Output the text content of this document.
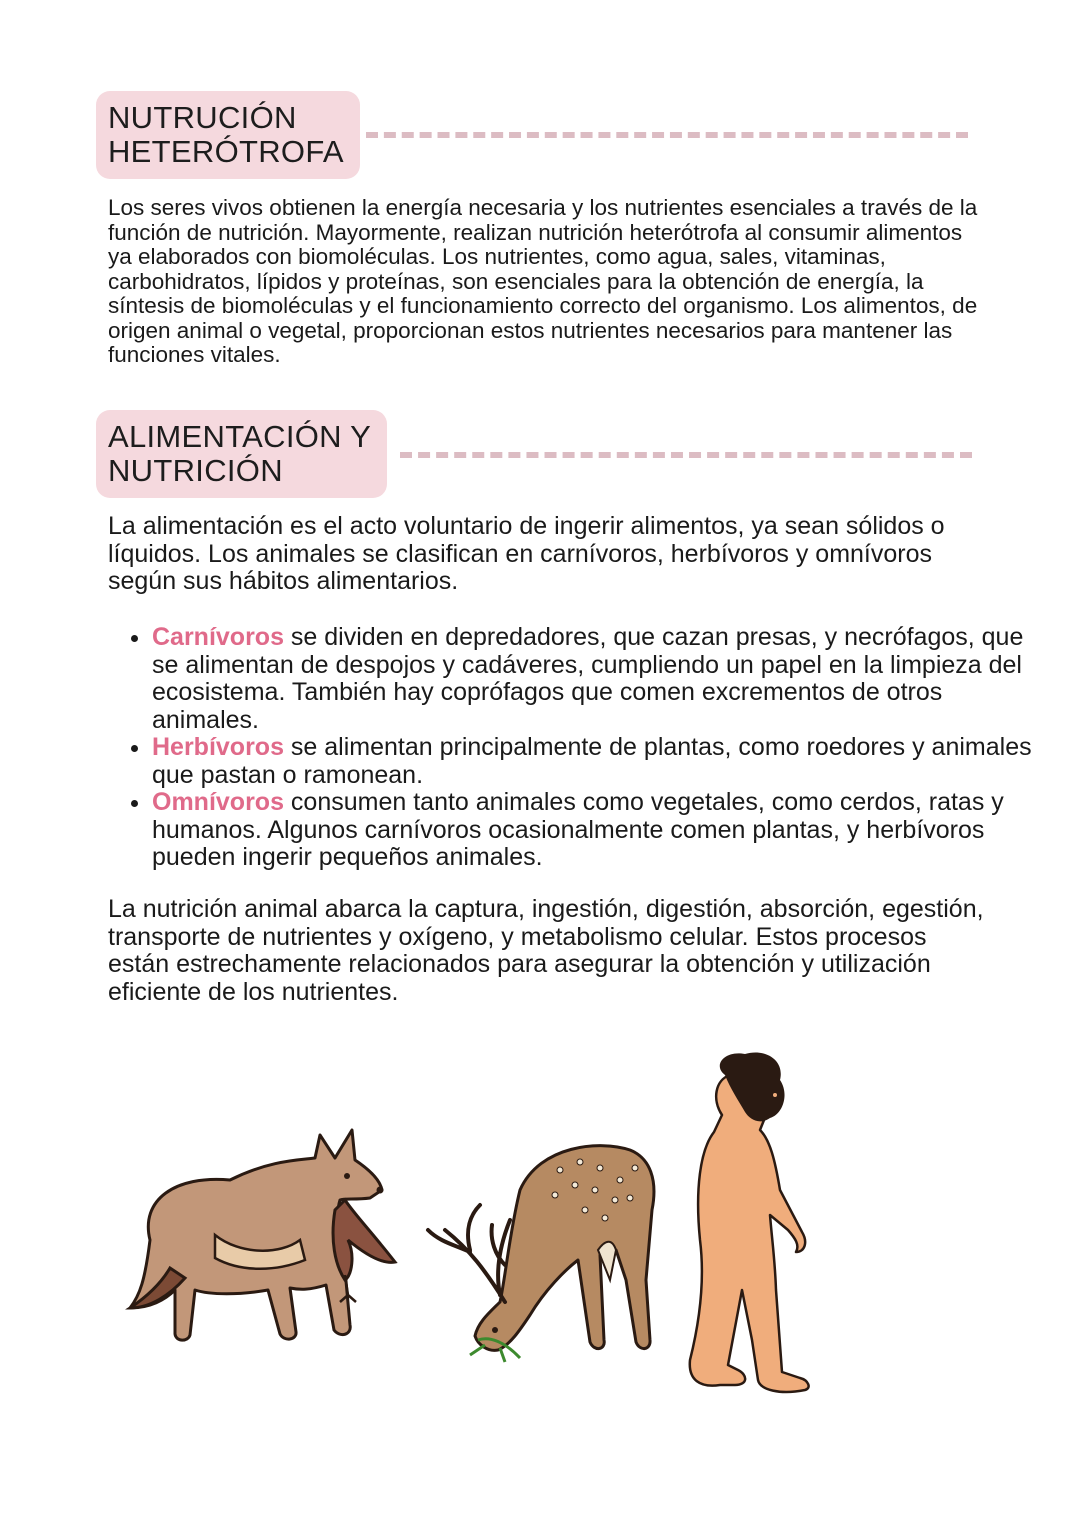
NUTRUCIÓN
HETERÓTROFA

Los seres vivos obtienen la energía necesaria y los nutrientes esenciales a través de la función de nutrición. Mayormente, realizan nutrición heterótrofa al consumir alimentos ya elaborados con biomoléculas. Los nutrientes, como agua, sales, vitaminas, carbohidratos, lípidos y proteínas, son esenciales para la obtención de energía, la síntesis de biomoléculas y el funcionamiento correcto del organismo. Los alimentos, de origen animal o vegetal, proporcionan estos nutrientes necesarios para mantener las funciones vitales.

ALIMENTACIÓN Y
NUTRICIÓN

La alimentación es el acto voluntario de ingerir alimentos, ya sean sólidos o líquidos. Los animales se clasifican en carnívoros, herbívoros y omnívoros según sus hábitos alimentarios.

• Carnívoros se dividen en depredadores, que cazan presas, y necrófagos, que se alimentan de despojos y cadáveres, cumpliendo un papel en la limpieza del ecosistema. También hay coprófagos que comen excrementos de otros animales.
• Herbívoros se alimentan principalmente de plantas, como roedores y animales que pastan o ramonean.
• Omnívoros consumen tanto animales como vegetales, como cerdos, ratas y humanos. Algunos carnívoros ocasionalmente comen plantas, y herbívoros pueden ingerir pequeños animales.

La nutrición animal abarca la captura, ingestión, digestión, absorción, egestión, transporte de nutrientes y oxígeno, y metabolismo celular. Estos procesos están estrechamente relacionados para asegurar la obtención y utilización eficiente de los nutrientes.
